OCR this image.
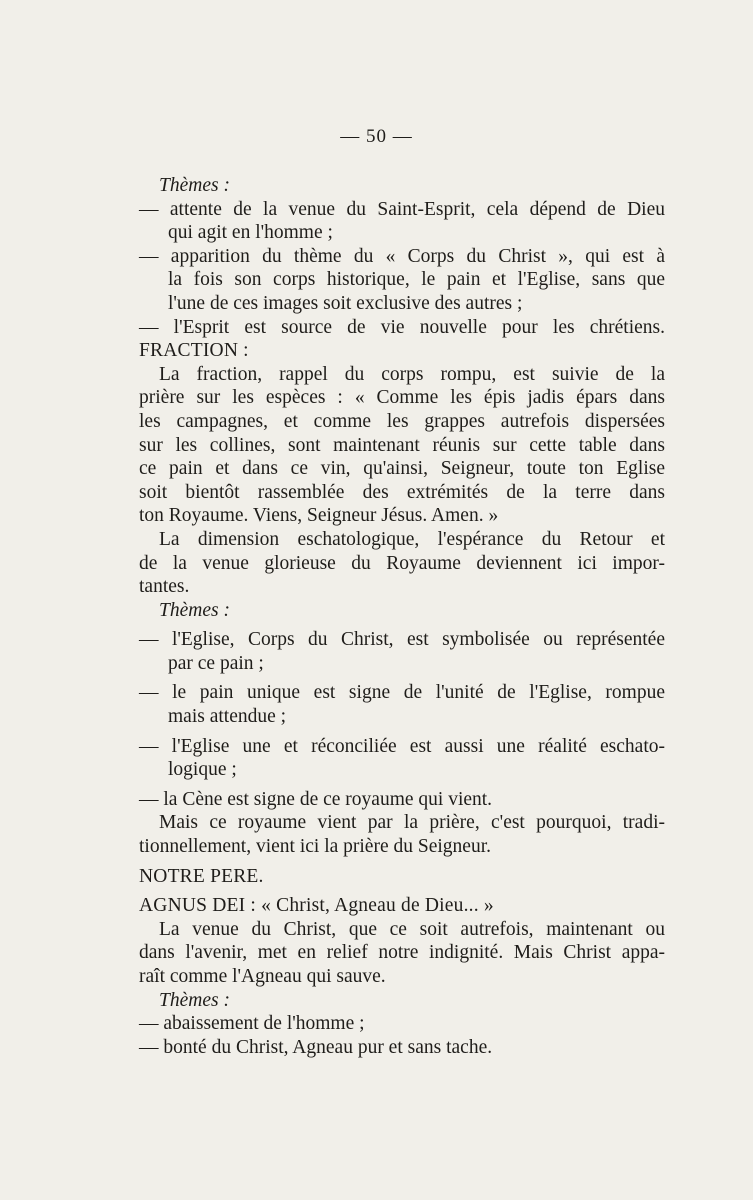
— 50 —
Thèmes :
— attente de la venue du Saint-Esprit, cela dépend de Dieu
qui agit en l'homme ;
— apparition du thème du « Corps du Christ », qui est à
la fois son corps historique, le pain et l'Eglise, sans que
l'une de ces images soit exclusive des autres ;
— l'Esprit est source de vie nouvelle pour les chrétiens.
FRACTION :
La fraction, rappel du corps rompu, est suivie de la
prière sur les espèces : « Comme les épis jadis épars dans
les campagnes, et comme les grappes autrefois dispersées
sur les collines, sont maintenant réunis sur cette table dans
ce pain et dans ce vin, qu'ainsi, Seigneur, toute ton Eglise
soit bientôt rassemblée des extrémités de la terre dans
ton Royaume. Viens, Seigneur Jésus. Amen. »
La dimension eschatologique, l'espérance du Retour et
de la venue glorieuse du Royaume deviennent ici impor-
tantes.
Thèmes :
— l'Eglise, Corps du Christ, est symbolisée ou représentée
par ce pain ;
— le pain unique est signe de l'unité de l'Eglise, rompue
mais attendue ;
— l'Eglise une et réconciliée est aussi une réalité eschato-
logique ;
— la Cène est signe de ce royaume qui vient.
Mais ce royaume vient par la prière, c'est pourquoi, tradi-
tionnellement, vient ici la prière du Seigneur.
NOTRE PERE.
AGNUS DEI : « Christ, Agneau de Dieu... »
La venue du Christ, que ce soit autrefois, maintenant ou
dans l'avenir, met en relief notre indignité. Mais Christ appa-
raît comme l'Agneau qui sauve.
Thèmes :
— abaissement de l'homme ;
— bonté du Christ, Agneau pur et sans tache.
